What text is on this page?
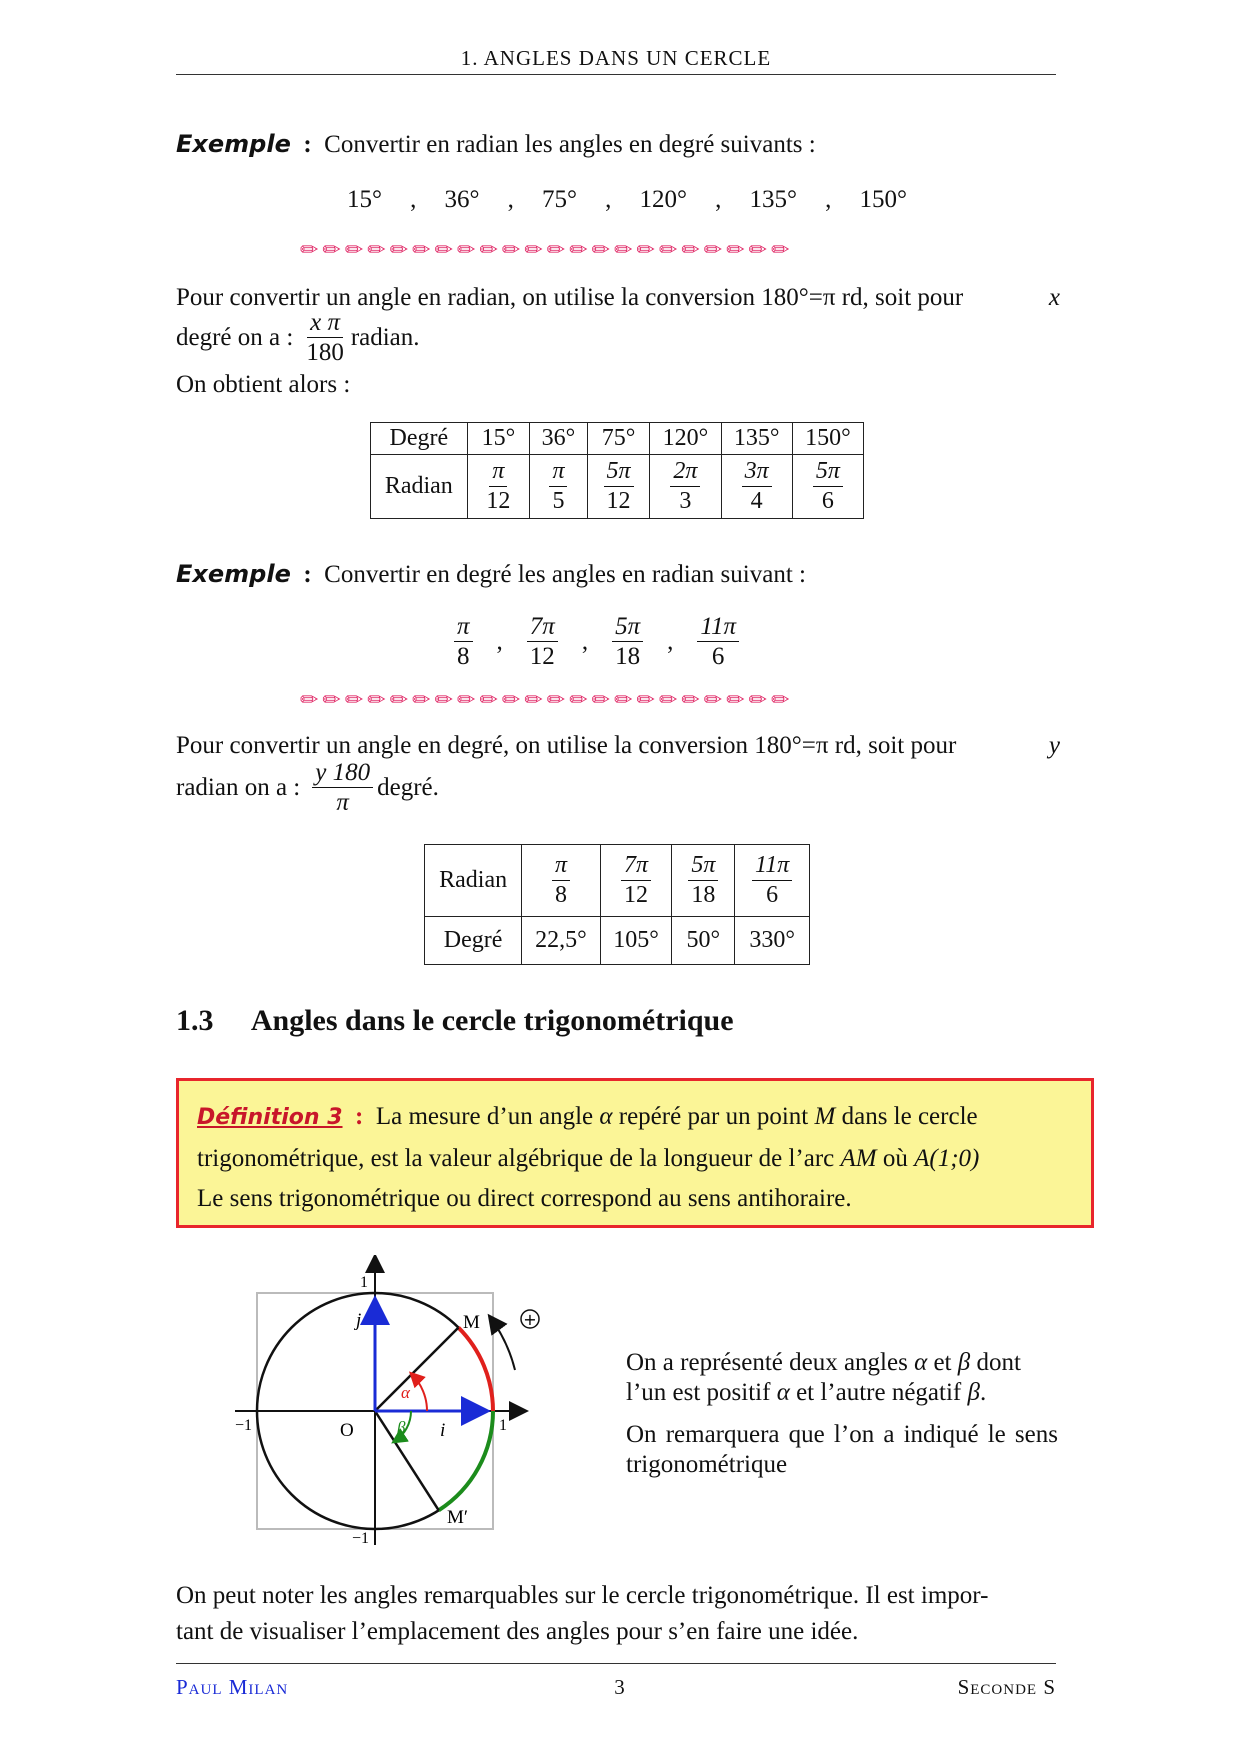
1. ANGLES DANS UN CERCLE
Exemple : Convertir en radian les angles en degré suivants :
15° , 36° , 75° , 120° , 135° , 150°
✏✏✏✏✏✏✏✏✏✏✏✏✏✏✏✏✏✏✏✏✏✏
Pour convertir un angle en radian, on utilise la conversion 180°=π rd, soit pour	x
degré on a : $\frac{\text{x π}}{180}$ radian.
On obtient alors :
Degré	15°	36°	75°	120°	135°	150°
Radian	$\frac{\pi}{12}$	$\frac{\pi}{5}$	$\frac{5\pi}{12}$	$\frac{2\pi}{3}$	$\frac{3\pi}{4}$	$\frac{5\pi}{6}$
Exemple : Convertir en degré les angles en radian suivant :
$\frac{\pi}{8}$ , $\frac{7\pi}{12}$ , $\frac{5\pi}{18}$ , $\frac{11\pi}{6}$
✏✏✏✏✏✏✏✏✏✏✏✏✏✏✏✏✏✏✏✏✏✏
Pour convertir un angle en degré, on utilise la conversion 180°=π rd, soit pour	y
radian on a : $\frac{y 180}{\pi}$ degré.
Radian	$\frac{\pi}{8}$	$\frac{7\pi}{12}$	$\frac{5\pi}{18}$	$\frac{11\pi}{6}$

Degré	22,5°	105°	50°	330°
1.3 Angles dans le cercle trigonométrique
Définition 3 : La mesure d’un angle α repéré par un point M dans le cercle
trigonométrique, est la valeur algébrique de la longueur de l’arc AM où A(1;0)
Le sens trigonométrique ou direct correspond au sens antihoraire.
+
1
−1	1
−1
O
j
i
M
M′
α
β
On a représenté deux angles α et β dont
l’un est positif α et l’autre négatif β.
On remarquera que l’on a indiqué le sens trigonométrique
On peut noter les angles remarquables sur le cercle trigonométrique. Il est impor-
tant de visualiser l’emplacement des angles pour s’en faire une idée.
Paul Milan	3	Seconde S
